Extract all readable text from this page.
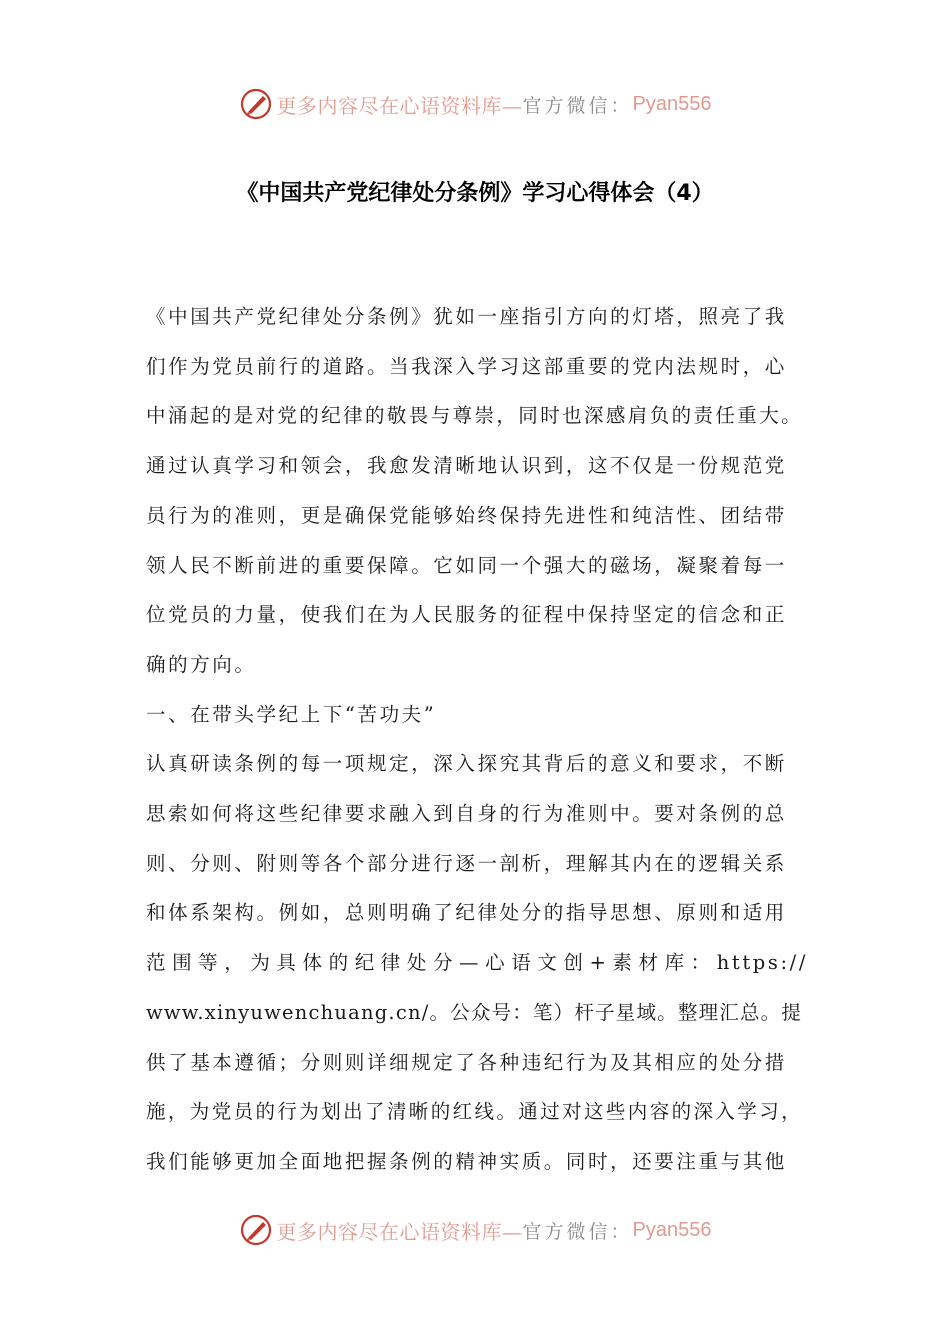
更多内容尽在心语资料库— 官方微信： Pyan556
《中国共产党纪律处分条例》学习心得体会（4）
《中国共产党纪律处分条例》犹如一座指引方向的灯塔，照亮了我
们作为党员前行的道路。当我深入学习这部重要的党内法规时，心
中涌起的是对党的纪律的敬畏与尊崇，同时也深感肩负的责任重大。
通过认真学习和领会，我愈发清晰地认识到，这不仅是一份规范党
员行为的准则，更是确保党能够始终保持先进性和纯洁性、团结带
领人民不断前进的重要保障。它如同一个强大的磁场，凝聚着每一
位党员的力量，使我们在为人民服务的征程中保持坚定的信念和正
确的方向。
一、在带头学纪上下“苦功夫”
认真研读条例的每一项规定，深入探究其背后的意义和要求，不断
思索如何将这些纪律要求融入到自身的行为准则中。要对条例的总
则、分则、附则等各个部分进行逐一剖析，理解其内在的逻辑关系
和体系架构。例如，总则明确了纪律处分的指导思想、原则和适用
范围等，为具体的纪律处分—心语文创+素材库：https://
www.xinyuwenchuang.cn/。公众号：笔）杆子星域。整理汇总。提
供了基本遵循；分则则详细规定了各种违纪行为及其相应的处分措
施，为党员的行为划出了清晰的红线。通过对这些内容的深入学习，
我们能够更加全面地把握条例的精神实质。同时，还要注重与其他
更多内容尽在心语资料库— 官方微信： Pyan556
